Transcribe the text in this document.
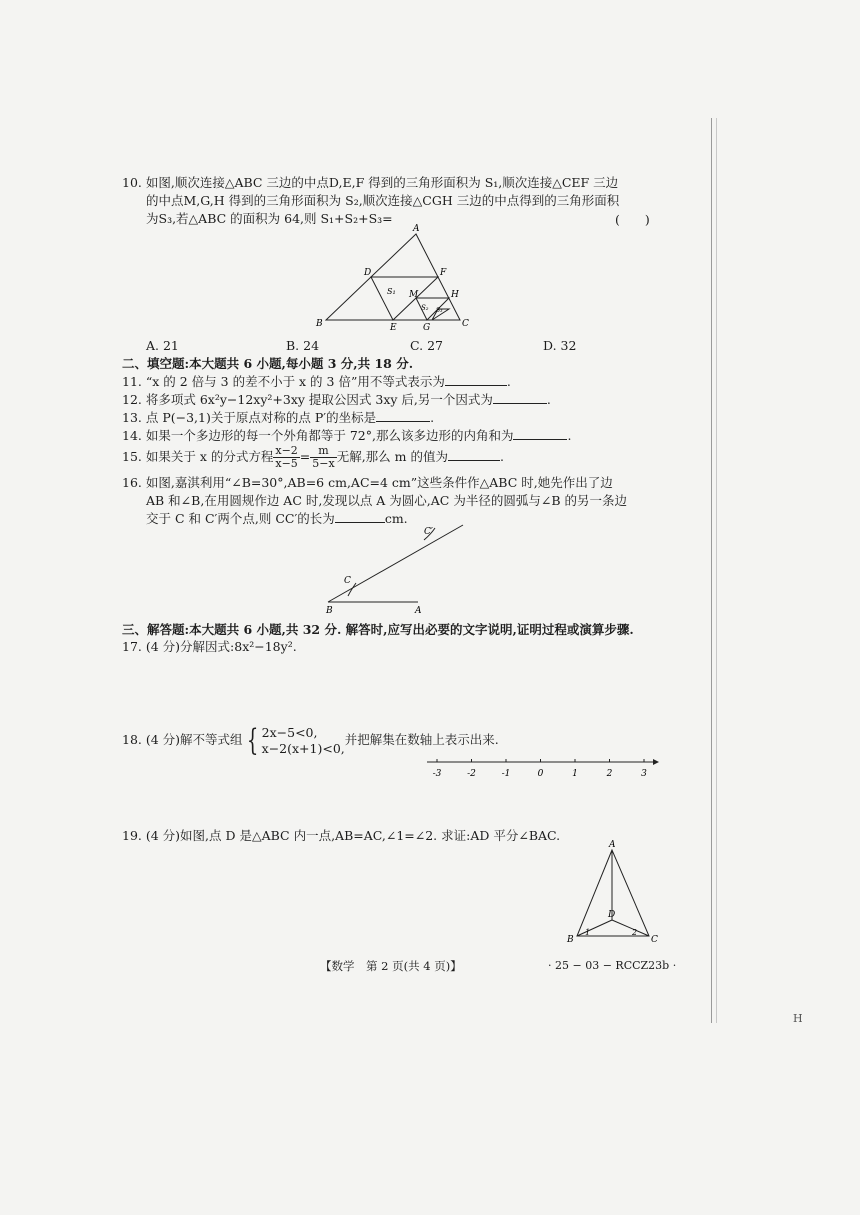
H
10. 如图,顺次连接△ABC 三边的中点D,E,F 得到的三角形面积为 S₁,顺次连接△CEF 三边
的中点M,G,H 得到的三角形面积为 S₂,顺次连接△CGH 三边的中点得到的三角形面积
为S₃,若△ABC 的面积为 64,则 S₁+S₂+S₃=	(　　)
A
D	F
M	H
S₁
S₂ S₃
B	E	G	C
A. 21	B. 24	C. 27	D. 32
二、填空题:本大题共 6 小题,每小题 3 分,共 18 分.
11. “x 的 2 倍与 3 的差不小于 x 的 3 倍”用不等式表示为	.
12. 将多项式 6x²y−12xy²+3xy 提取公因式 3xy 后,另一个因式为	.
13. 点 P(−3,1)关于原点对称的点 P′的坐标是	.
14. 如果一个多边形的每一个外角都等于 72°,那么该多边形的内角和为	.
15. 如果关于 x 的分式方程 $\frac{x-2}{x-5} = \frac{m}{5-x}$ 无解,那么 m 的值为	.
16. 如图,嘉淇利用“∠B=30°,AB=6 cm,AC=4 cm”这些条件作△ABC 时,她先作出了边
AB 和∠B,在用圆规作边 AC 时,发现以点 A 为圆心,AC 为半径的圆弧与∠B 的另一条边
交于 C 和 C′两个点,则 CC′的长为	cm.
C′
C
B	A
三、解答题:本大题共 6 小题,共 32 分. 解答时,应写出必要的文字说明,证明过程或演算步骤.
17. (4 分)分解因式:8x²−18y².
18. (4 分)解不等式组 { 2x−5<0,
x−2(x+1)<0,
并把解集在数轴上表示出来.
-3	-2	-1	0	1	2	3
19. (4 分)如图,点 D 是△ABC 内一点,AB=AC,∠1=∠2. 求证:AD 平分∠BAC.
A
D
B
1	2
C
【数学　第 2 页(共 4 页)】	· 25 − 03 − RCCZ23b ·
